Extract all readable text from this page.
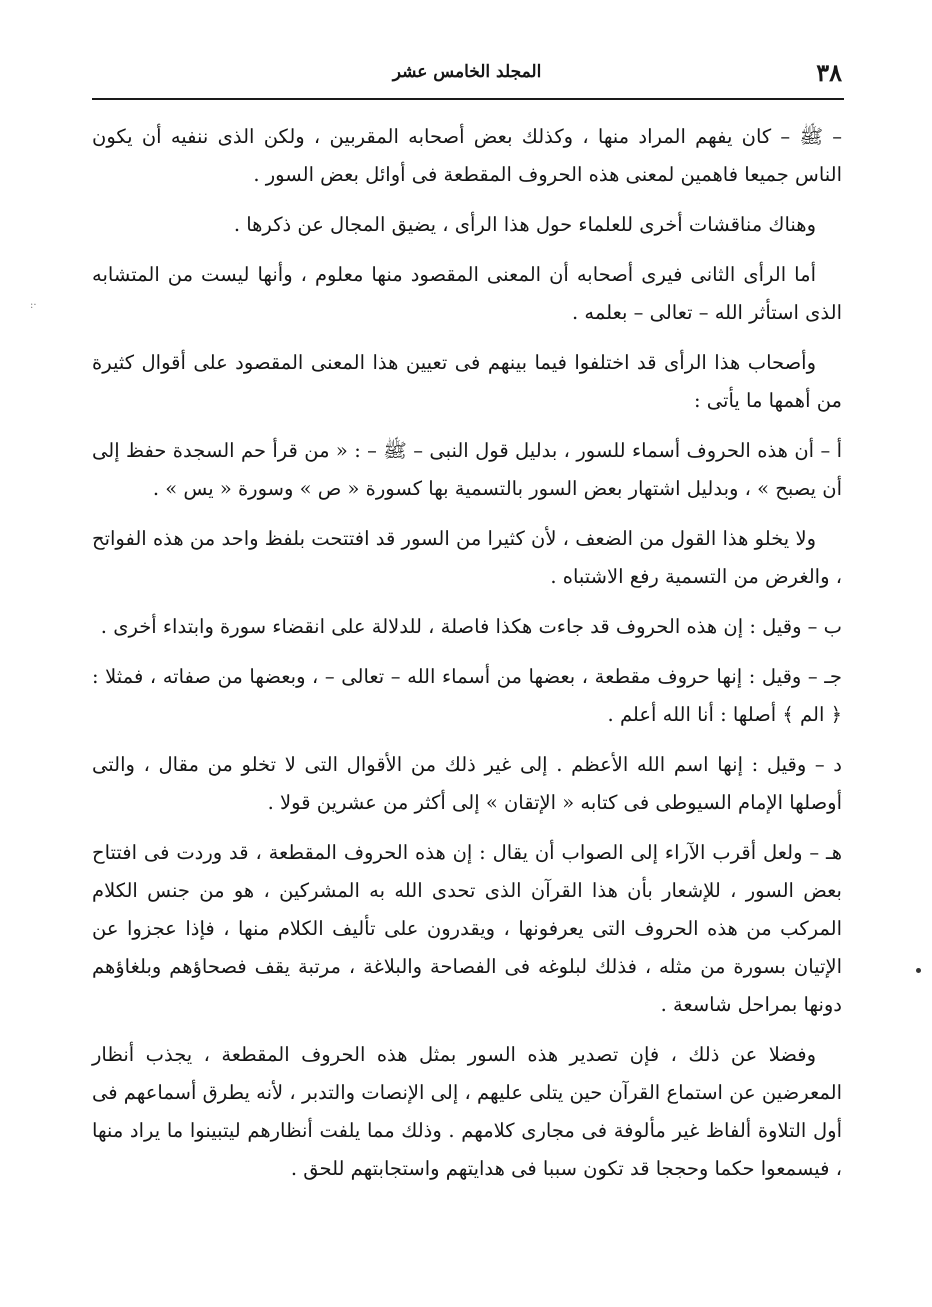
٣٨
المجلد الخامس عشر

– ﷺ – كان يفهم المراد منها ، وكذلك بعض أصحابه المقربين ، ولكن الذى ننفيه أن يكون الناس جميعا فاهمين لمعنى هذه الحروف المقطعة فى أوائل بعض السور .

وهناك مناقشات أخرى للعلماء حول هذا الرأى ، يضيق المجال عن ذكرها .

أما الرأى الثانى فيرى أصحابه أن المعنى المقصود منها معلوم ، وأنها ليست من المتشابه الذى استأثر الله – تعالى – بعلمه .

وأصحاب هذا الرأى قد اختلفوا فيما بينهم فى تعيين هذا المعنى المقصود على أقوال كثيرة من أهمها ما يأتى :

أ – أن هذه الحروف أسماء للسور ، بدليل قول النبى – ﷺ – : « من قرأ حم السجدة حفظ إلى أن يصبح » ، وبدليل اشتهار بعض السور بالتسمية بها كسورة « ص » وسورة « يس » .

ولا يخلو هذا القول من الضعف ، لأن كثيرا من السور قد افتتحت بلفظ واحد من هذه الفواتح ، والغرض من التسمية رفع الاشتباه .

ب – وقيل : إن هذه الحروف قد جاءت هكذا فاصلة ، للدلالة على انقضاء سورة وابتداء أخرى .

جـ – وقيل : إنها حروف مقطعة ، بعضها من أسماء الله – تعالى – ، وبعضها من صفاته ، فمثلا : ﴿ الم ﴾ أصلها : أنا الله أعلم .

د – وقيل : إنها اسم الله الأعظم . إلى غير ذلك من الأقوال التى لا تخلو من مقال ، والتى أوصلها الإمام السيوطى فى كتابه « الإتقان » إلى أكثر من عشرين قولا .

هـ – ولعل أقرب الآراء إلى الصواب أن يقال : إن هذه الحروف المقطعة ، قد وردت فى افتتاح بعض السور ، للإشعار بأن هذا القرآن الذى تحدى الله به المشركين ، هو من جنس الكلام المركب من هذه الحروف التى يعرفونها ، ويقدرون على تأليف الكلام منها ، فإذا عجزوا عن الإتيان بسورة من مثله ، فذلك لبلوغه فى الفصاحة والبلاغة ، مرتبة يقف فصحاؤهم وبلغاؤهم دونها بمراحل شاسعة .

وفضلا عن ذلك ، فإن تصدير هذه السور بمثل هذه الحروف المقطعة ، يجذب أنظار المعرضين عن استماع القرآن حين يتلى عليهم ، إلى الإنصات والتدبر ، لأنه يطرق أسماعهم فى أول التلاوة ألفاظ غير مألوفة فى مجارى كلامهم . وذلك مما يلفت أنظارهم ليتبينوا ما يراد منها ، فيسمعوا حكما وحججا قد تكون سببا فى هدايتهم واستجابتهم للحق .

·:
